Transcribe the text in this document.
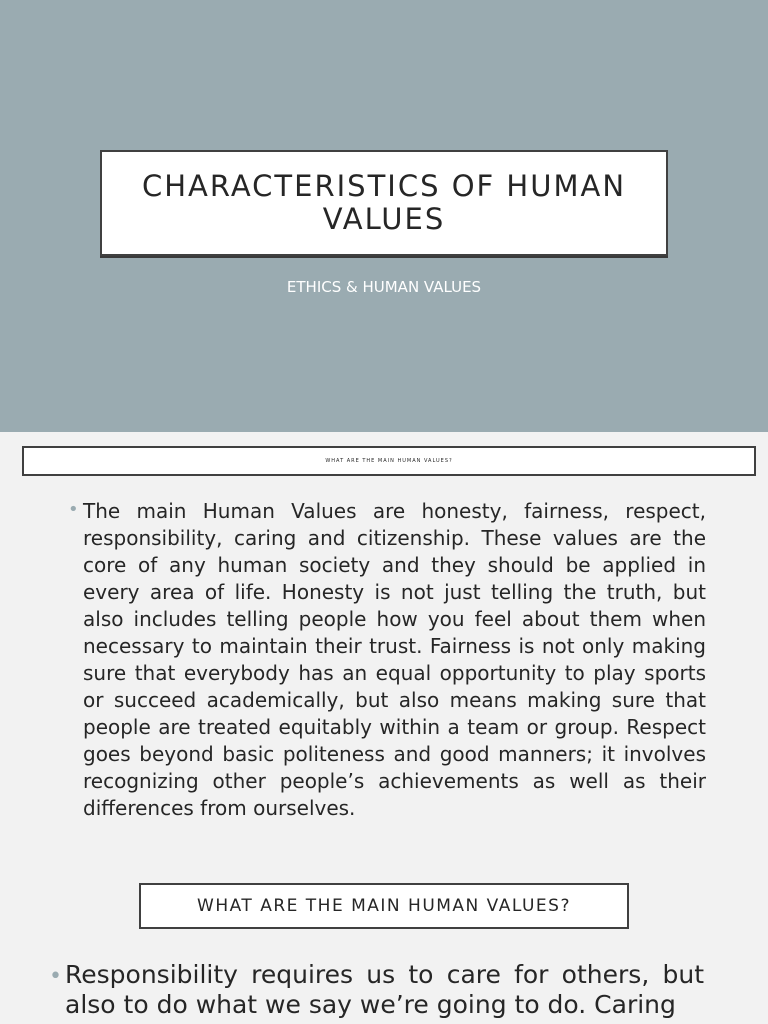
CHARACTERISTICS OF HUMAN VALUES
ETHICS & HUMAN VALUES
WHAT ARE THE MAIN HUMAN VALUES?
• The main Human Values are honesty, fairness, respect, responsibility, caring and citizenship. These values are the core of any human society and they should be applied in every area of life. Honesty is not just telling the truth, but also includes telling people how you feel about them when necessary to maintain their trust. Fairness is not only making sure that everybody has an equal opportunity to play sports or succeed academically, but also means making sure that people are treated equitably within a team or group. Respect goes beyond basic politeness and good manners; it involves recognizing other people’s achievements as well as their differences from ourselves.
WHAT ARE THE MAIN HUMAN VALUES?
• Responsibility requires us to care for others, but also to do what we say we’re going to do. Caring
